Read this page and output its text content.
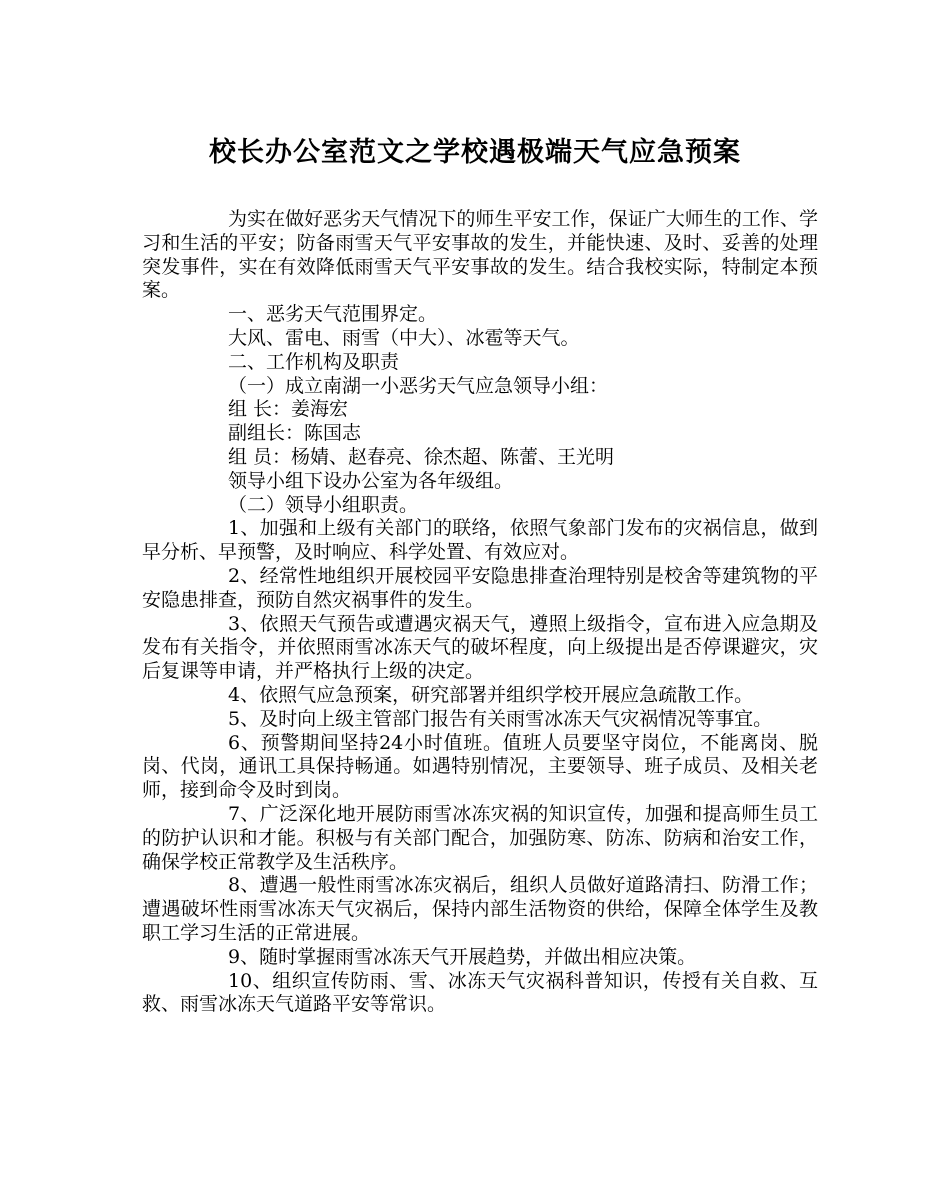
校长办公室范文之学校遇极端天气应急预案

为实在做好恶劣天气情况下的师生平安工作，保证广大师生的工作、学习和生活的平安；防备雨雪天气平安事故的发生，并能快速、及时、妥善的处理突发事件，实在有效降低雨雪天气平安事故的发生。结合我校实际，特制定本预案。

一、恶劣天气范围界定。

大风、雷电、雨雪（中大）、冰雹等天气。

二、工作机构及职责

（一）成立南湖一小恶劣天气应急领导小组：

组 长：姜海宏

副组长：陈国志

组 员：杨婧、赵春亮、徐杰超、陈蕾、王光明

领导小组下设办公室为各年级组。

（二）领导小组职责。

1、加强和上级有关部门的联络，依照气象部门发布的灾祸信息，做到早分析、早预警，及时响应、科学处置、有效应对。

2、经常性地组织开展校园平安隐患排查治理特别是校舍等建筑物的平安隐患排查，预防自然灾祸事件的发生。

3、依照天气预告或遭遇灾祸天气，遵照上级指令，宣布进入应急期及发布有关指令，并依照雨雪冰冻天气的破坏程度，向上级提出是否停课避灾，灾后复课等申请，并严格执行上级的决定。

4、依照气应急预案，研究部署并组织学校开展应急疏散工作。

5、及时向上级主管部门报告有关雨雪冰冻天气灾祸情况等事宜。

6、预警期间坚持24小时值班。值班人员要坚守岗位，不能离岗、脱岗、代岗，通讯工具保持畅通。如遇特别情况，主要领导、班子成员、及相关老师，接到命令及时到岗。

7、广泛深化地开展防雨雪冰冻灾祸的知识宣传，加强和提高师生员工的防护认识和才能。积极与有关部门配合，加强防寒、防冻、防病和治安工作，确保学校正常教学及生活秩序。

8、遭遇一般性雨雪冰冻灾祸后，组织人员做好道路清扫、防滑工作；遭遇破坏性雨雪冰冻天气灾祸后，保持内部生活物资的供给，保障全体学生及教职工学习生活的正常进展。

9、随时掌握雨雪冰冻天气开展趋势，并做出相应决策。

10、组织宣传防雨、雪、冰冻天气灾祸科普知识，传授有关自救、互救、雨雪冰冻天气道路平安等常识。
